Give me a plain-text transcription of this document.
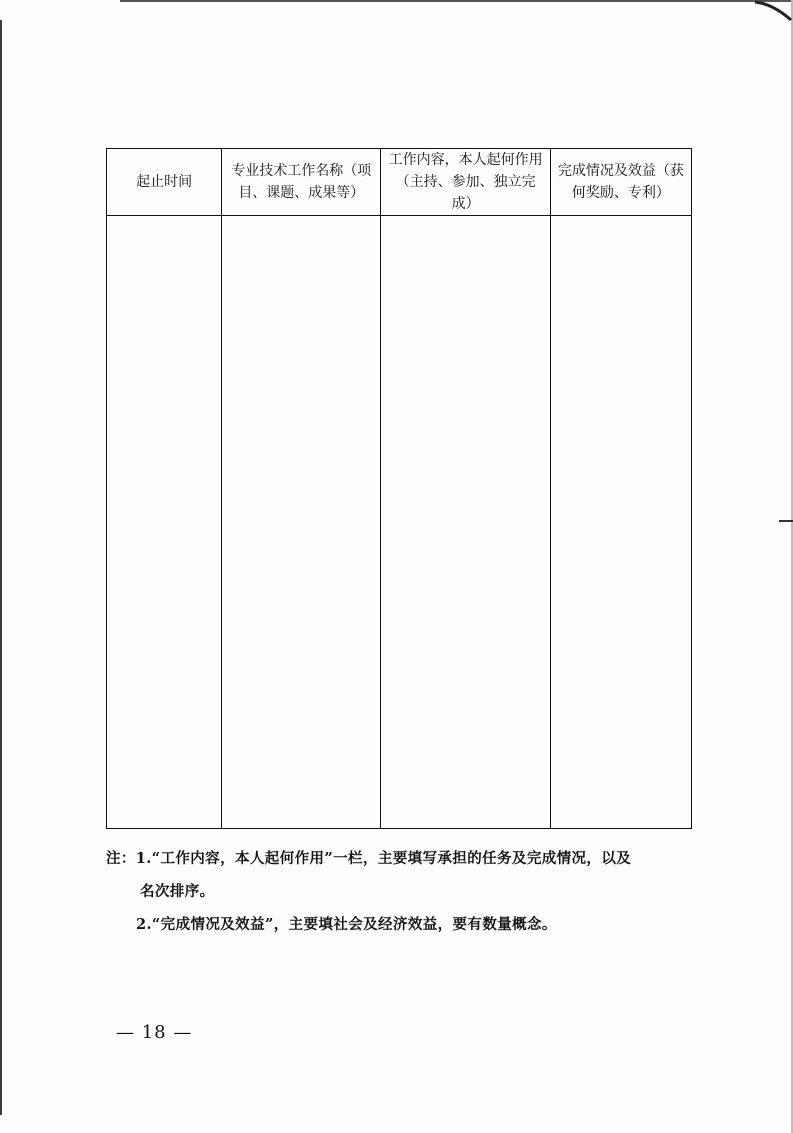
起止时间	专业技术工作名称（项目、课题、成果等）	工作内容，本人起何作用（主持、参加、独立完成）	完成情况及效益（获何奖励、专利）

注：1.“工作内容，本人起何作用”一栏，主要填写承担的任务及完成情况，以及
名次排序。
2.“完成情况及效益”，主要填社会及经济效益，要有数量概念。
— 18 —
